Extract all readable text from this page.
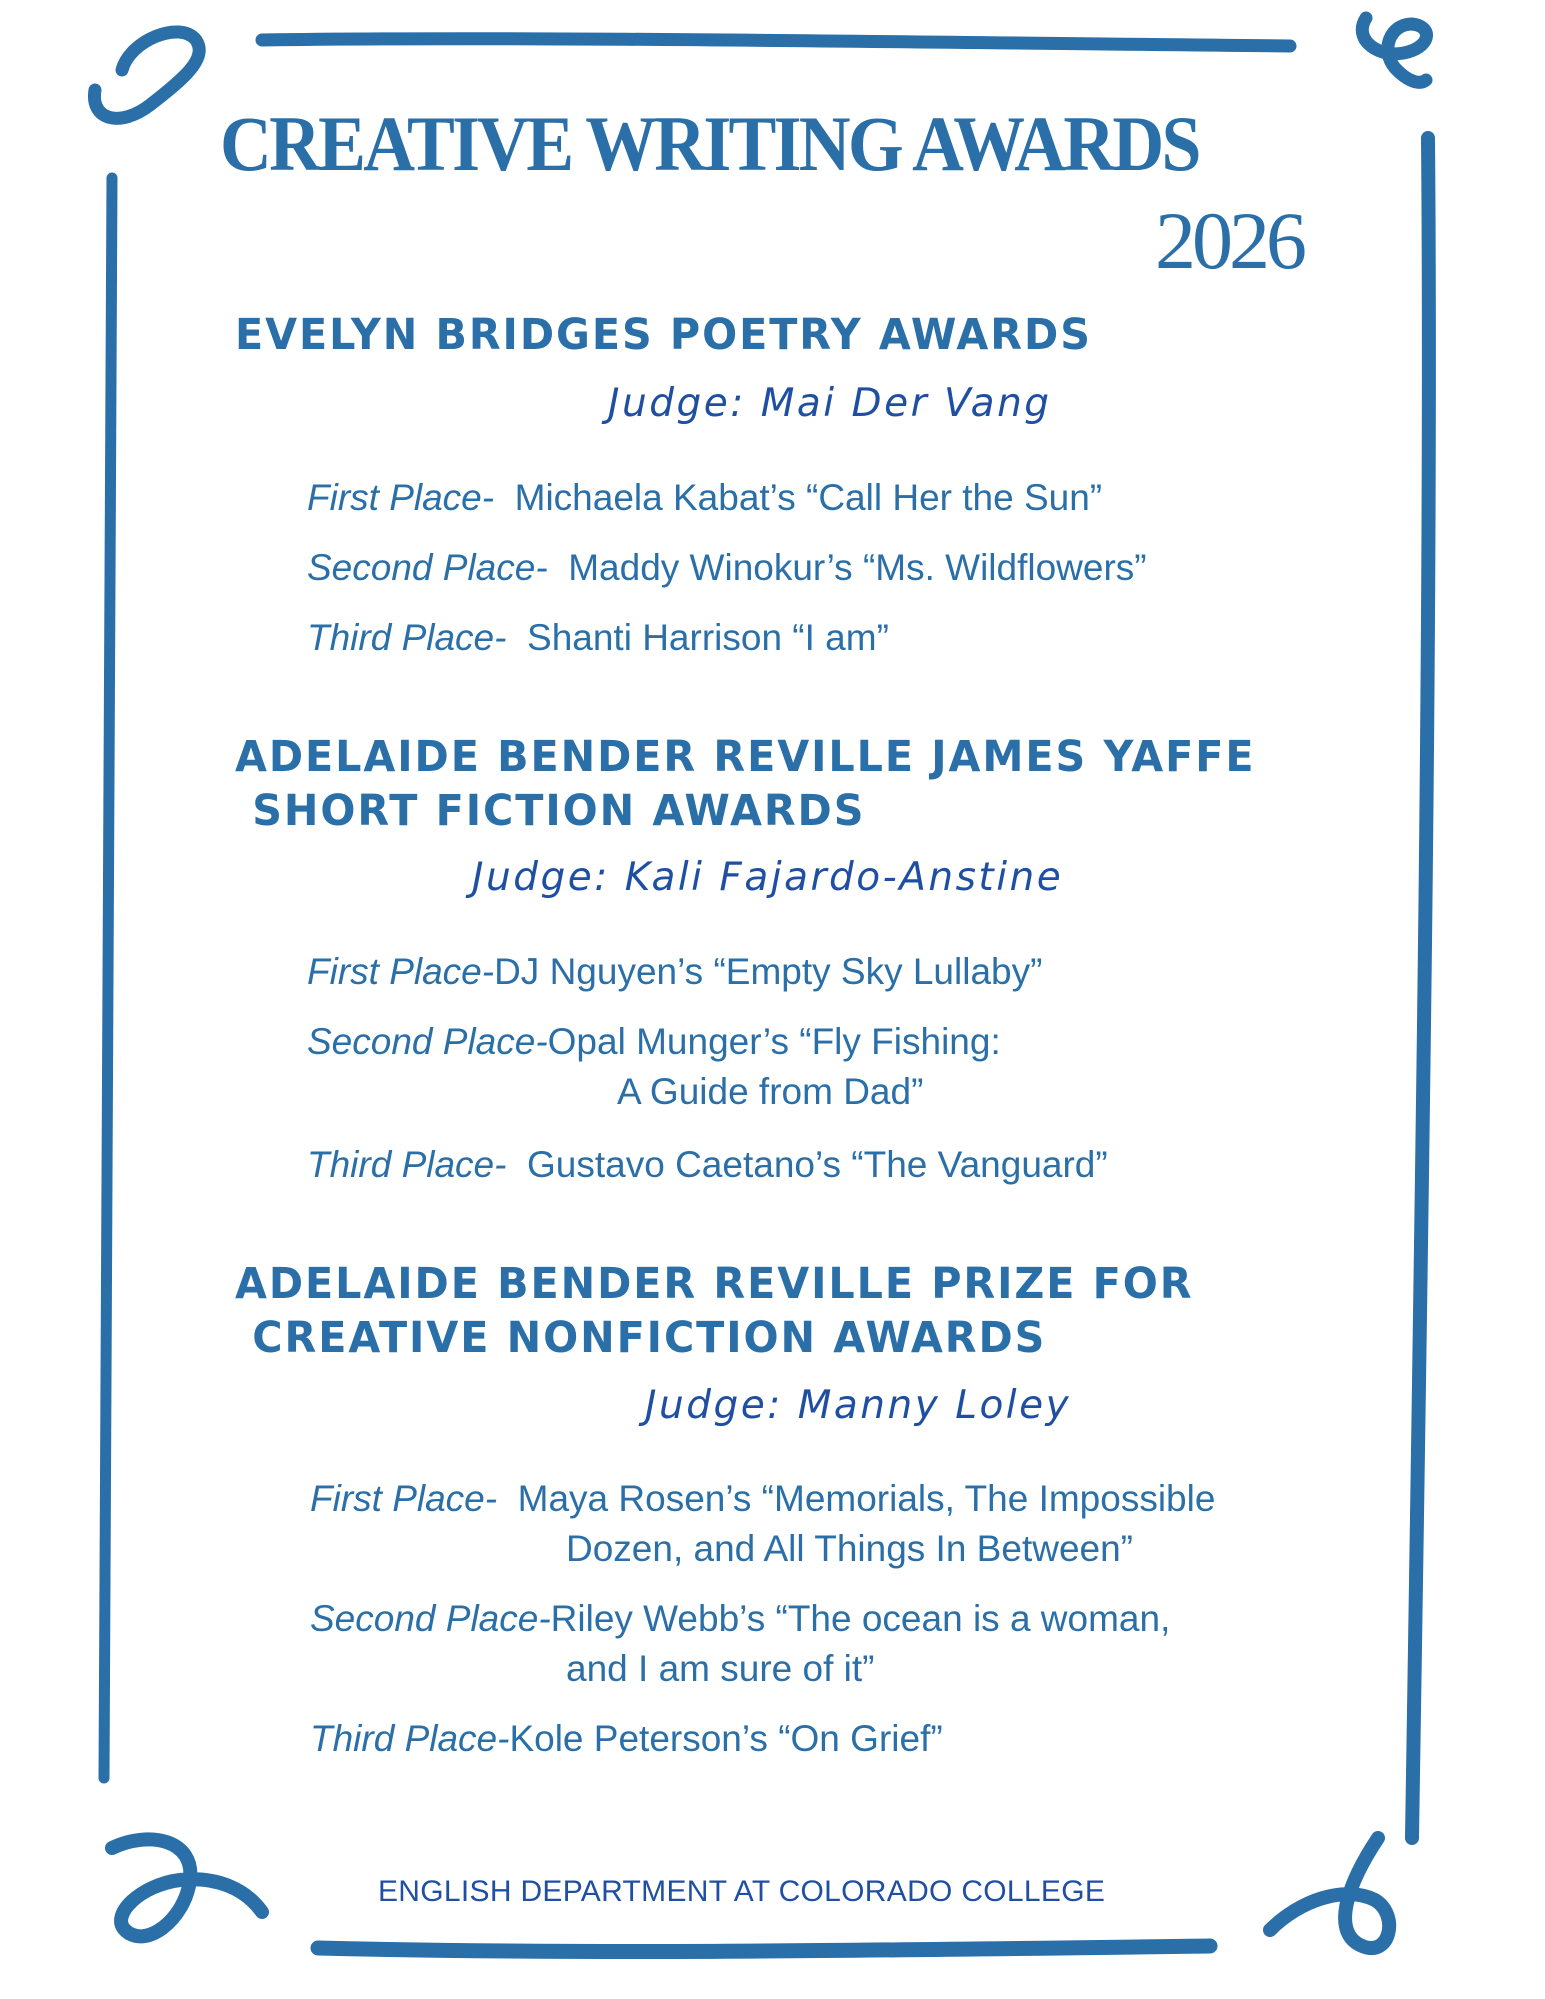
CREATIVE WRITING AWARDS
2026
EVELYN BRIDGES POETRY AWARDS
Judge: Mai Der Vang
First Place- Michaela Kabat’s “Call Her the Sun”
Second Place- Maddy Winokur’s “Ms. Wildflowers”
Third Place- Shanti Harrison “I am”
ADELAIDE BENDER REVILLE JAMES YAFFE
SHORT FICTION AWARDS
Judge: Kali Fajardo-Anstine
First Place-DJ Nguyen’s “Empty Sky Lullaby”
Second Place-Opal Munger’s “Fly Fishing:
A Guide from Dad”
Third Place- Gustavo Caetano’s “The Vanguard”
ADELAIDE BENDER REVILLE PRIZE FOR
CREATIVE NONFICTION AWARDS
Judge: Manny Loley
First Place- Maya Rosen’s “Memorials, The Impossible
Dozen, and All Things In Between”
Second Place-Riley Webb’s “The ocean is a woman,
and I am sure of it”
Third Place-Kole Peterson’s “On Grief”
ENGLISH DEPARTMENT AT COLORADO COLLEGE
